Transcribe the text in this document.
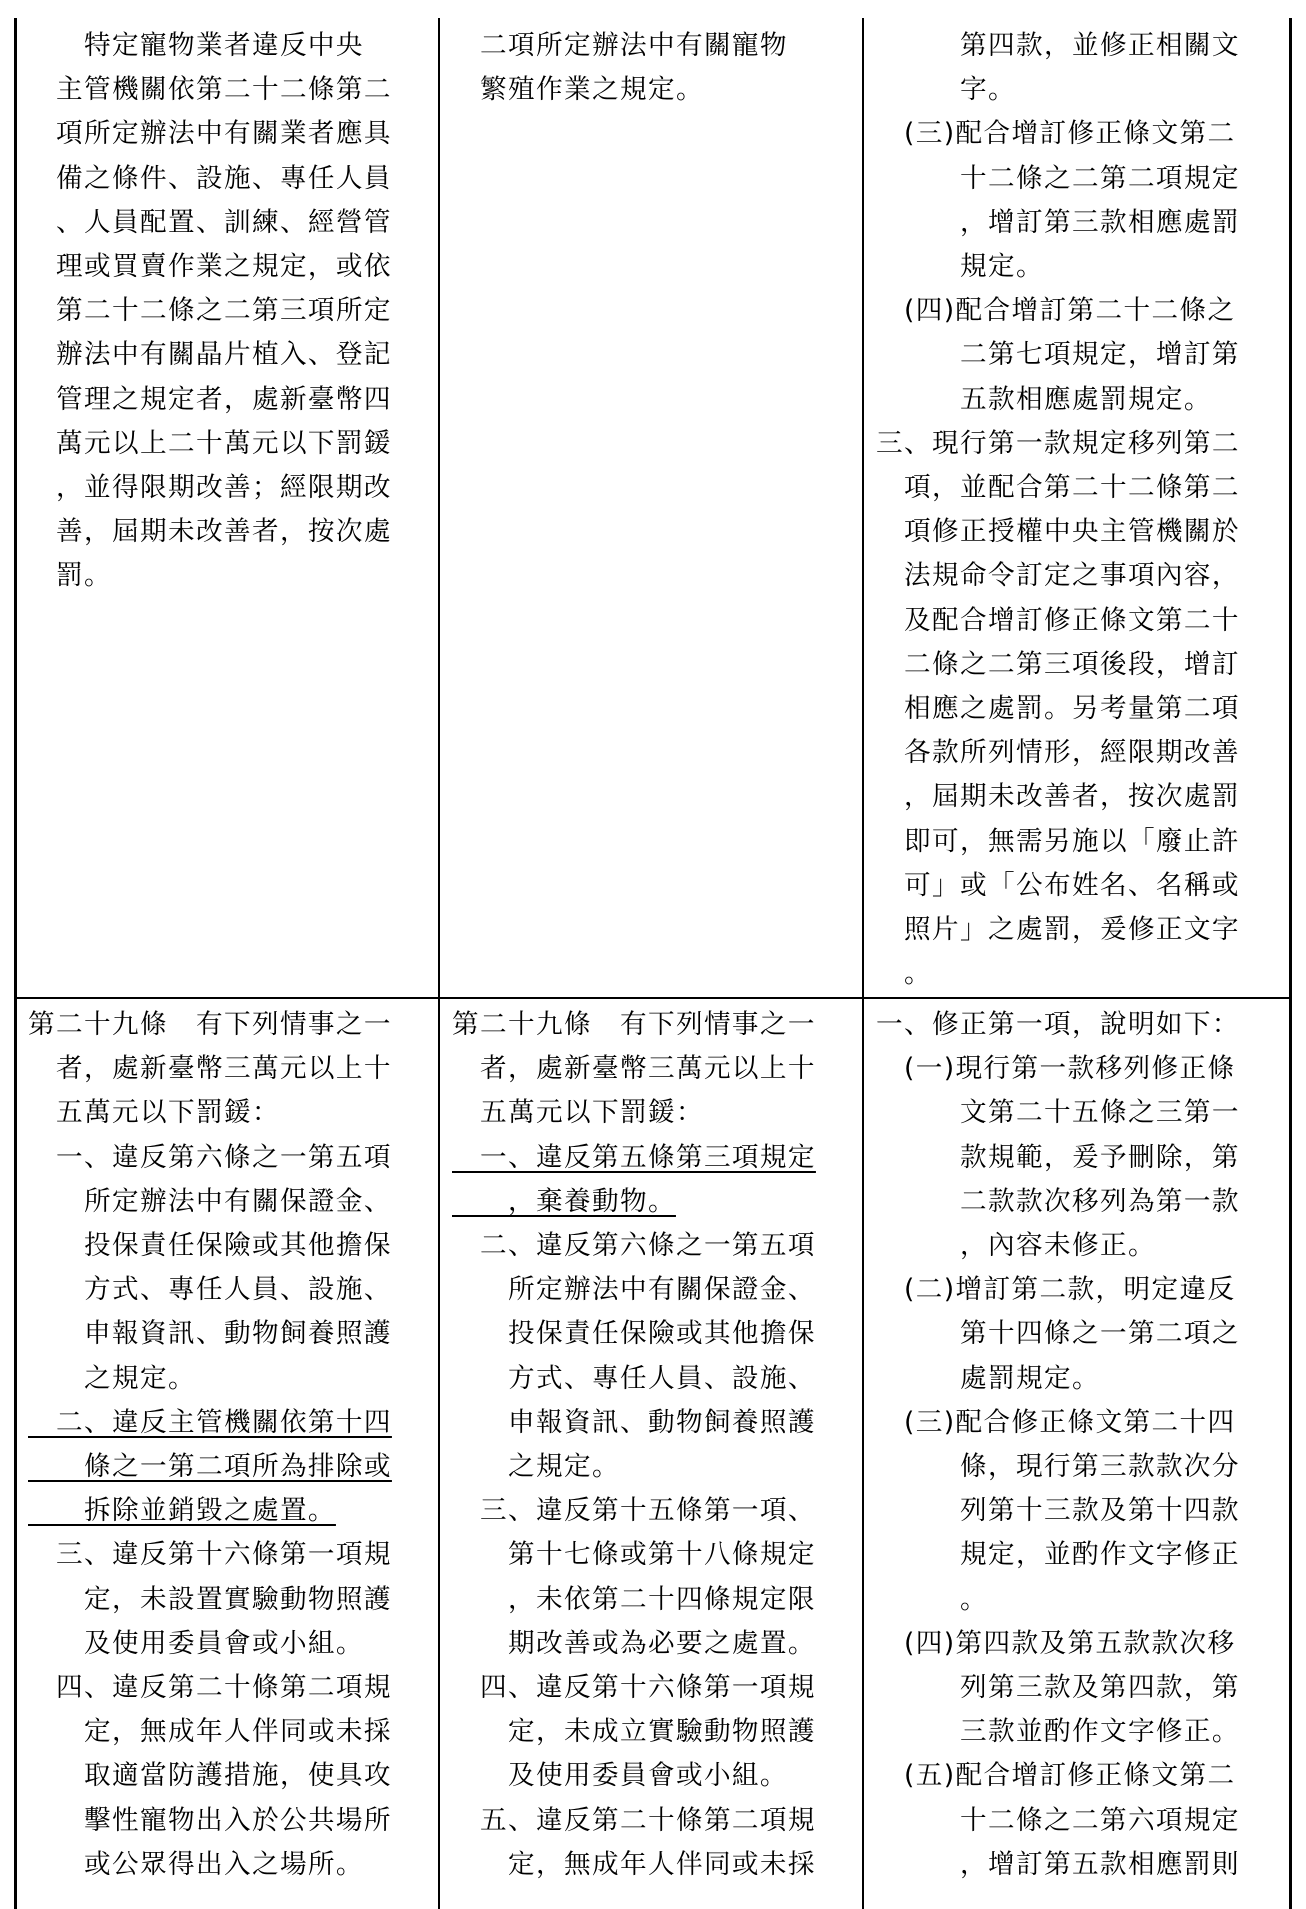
　　特定寵物業者違反中央
　主管機關依第二十二條第二
　項所定辦法中有關業者應具
　備之條件、設施、專任人員
　、人員配置、訓練、經營管
　理或買賣作業之規定，或依
　第二十二條之二第三項所定
　辦法中有關晶片植入、登記
　管理之規定者，處新臺幣四
　萬元以上二十萬元以下罰鍰
　，並得限期改善；經限期改
　善，屆期未改善者，按次處
　罰。
　二項所定辦法中有關寵物
　繁殖作業之規定。
　　　第四款，並修正相關文
　　　字。
　(三)配合增訂修正條文第二
　　　十二條之二第二項規定
　　　，增訂第三款相應處罰
　　　規定。
　(四)配合增訂第二十二條之
　　　二第七項規定，增訂第
　　　五款相應處罰規定。
三、現行第一款規定移列第二
　項，並配合第二十二條第二
　項修正授權中央主管機關於
　法規命令訂定之事項內容，
　及配合增訂修正條文第二十
　二條之二第三項後段，增訂
　相應之處罰。另考量第二項
　各款所列情形，經限期改善
　，屆期未改善者，按次處罰
　即可，無需另施以「廢止許
　可」或「公布姓名、名稱或
　照片」之處罰，爰修正文字
　。
第二十九條　有下列情事之一
　者，處新臺幣三萬元以上十
　五萬元以下罰鍰：
　一、違反第六條之一第五項
　　所定辦法中有關保證金、
　　投保責任保險或其他擔保
　　方式、專任人員、設施、
　　申報資訊、動物飼養照護
　　之規定。
　二、違反主管機關依第十四
　　條之一第二項所為排除或
　　拆除並銷毀之處置。
　三、違反第十六條第一項規
　　定，未設置實驗動物照護
　　及使用委員會或小組。
　四、違反第二十條第二項規
　　定，無成年人伴同或未採
　　取適當防護措施，使具攻
　　擊性寵物出入於公共場所
　　或公眾得出入之場所。
第二十九條　有下列情事之一
　者，處新臺幣三萬元以上十
　五萬元以下罰鍰：
　一、違反第五條第三項規定
　　，棄養動物。
　二、違反第六條之一第五項
　　所定辦法中有關保證金、
　　投保責任保險或其他擔保
　　方式、專任人員、設施、
　　申報資訊、動物飼養照護
　　之規定。
　三、違反第十五條第一項、
　　第十七條或第十八條規定
　　，未依第二十四條規定限
　　期改善或為必要之處置。
　四、違反第十六條第一項規
　　定，未成立實驗動物照護
　　及使用委員會或小組。
　五、違反第二十條第二項規
　　定，無成年人伴同或未採
一、修正第一項，說明如下：
　(一)現行第一款移列修正條
　　　文第二十五條之三第一
　　　款規範，爰予刪除，第
　　　二款款次移列為第一款
　　　，內容未修正。
　(二)增訂第二款，明定違反
　　　第十四條之一第二項之
　　　處罰規定。
　(三)配合修正條文第二十四
　　　條，現行第三款款次分
　　　列第十三款及第十四款
　　　規定，並酌作文字修正
　　　。
　(四)第四款及第五款款次移
　　　列第三款及第四款，第
　　　三款並酌作文字修正。
　(五)配合增訂修正條文第二
　　　十二條之二第六項規定
　　　，增訂第五款相應罰則
